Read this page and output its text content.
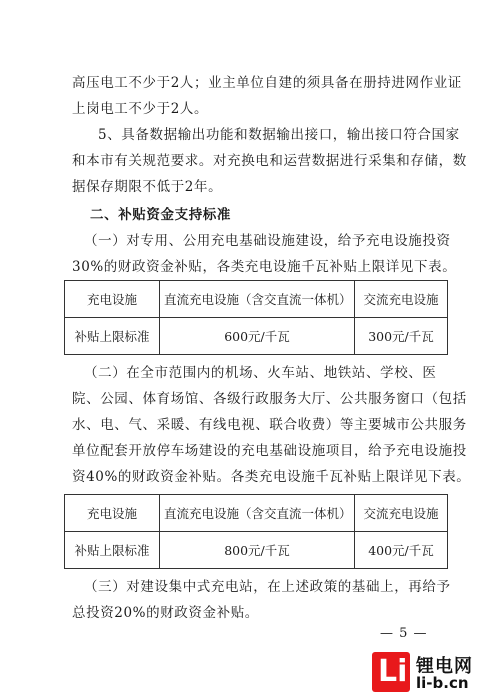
高压电工不少于2人；业主单位自建的须具备在册持进网作业证
上岗电工不少于2人。
5、具备数据输出功能和数据输出接口，输出接口符合国家
和本市有关规范要求。对充换电和运营数据进行采集和存储，数
据保存期限不低于2年。
二、补贴资金支持标准
（一）对专用、公用充电基础设施建设，给予充电设施投资
30%的财政资金补贴，各类充电设施千瓦补贴上限详见下表。
充电设施	直流充电设施（含交直流一体机）	交流充电设施
补贴上限标准	600元/千瓦	300元/千瓦
（二）在全市范围内的机场、火车站、地铁站、学校、医
院、公园、体育场馆、各级行政服务大厅、公共服务窗口（包括
水、电、气、采暖、有线电视、联合收费）等主要城市公共服务
单位配套开放停车场建设的充电基础设施项目，给予充电设施投
资40%的财政资金补贴。各类充电设施千瓦补贴上限详见下表。
充电设施	直流充电设施（含交直流一体机）	交流充电设施
补贴上限标准	800元/千瓦	400元/千瓦
（三）对建设集中式充电站，在上述政策的基础上，再给予
总投资20%的财政资金补贴。
— 5 —
Li 锂电网
li-b.cn
